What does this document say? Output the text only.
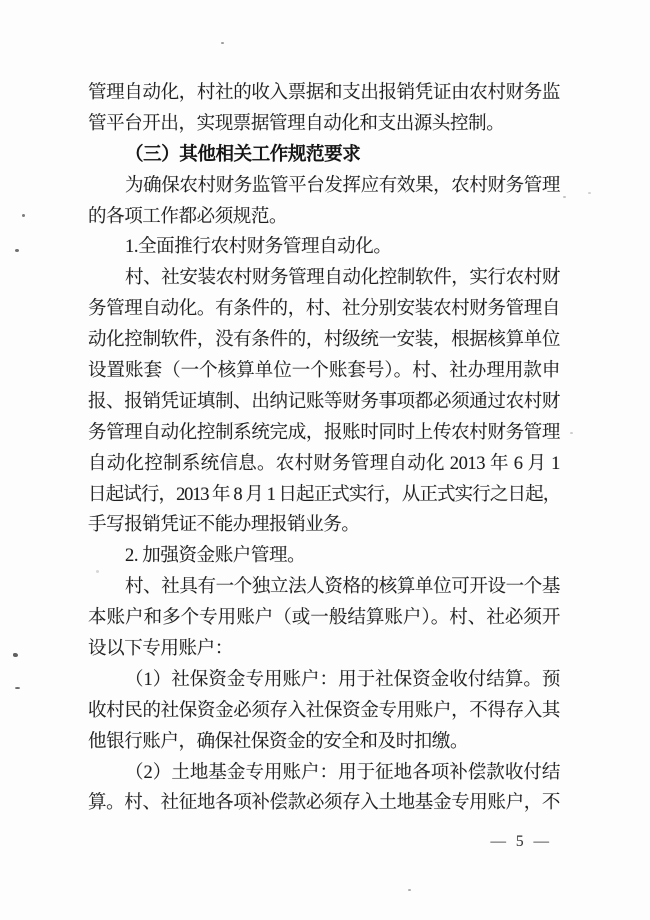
管理自动化，村社的收入票据和支出报销凭证由农村财务监
管平台开出，实现票据管理自动化和支出源头控制。
（三）其他相关工作规范要求
为确保农村财务监管平台发挥应有效果，农村财务管理
的各项工作都必须规范。
1.全面推行农村财务管理自动化。
村、社安装农村财务管理自动化控制软件，实行农村财
务管理自动化。有条件的，村、社分别安装农村财务管理自
动化控制软件，没有条件的，村级统一安装，根据核算单位
设置账套（一个核算单位一个账套号）。村、社办理用款申
报、报销凭证填制、出纳记账等财务事项都必须通过农村财
务管理自动化控制系统完成，报账时同时上传农村财务管理
自动化控制系统信息。农村财务管理自动化 2013 年 6 月 1
日起试行，2013 年 8 月 1 日起正式实行，从正式实行之日起，
手写报销凭证不能办理报销业务。
2. 加强资金账户管理。
村、社具有一个独立法人资格的核算单位可开设一个基
本账户和多个专用账户（或一般结算账户）。村、社必须开
设以下专用账户：
（1）社保资金专用账户：用于社保资金收付结算。预
收村民的社保资金必须存入社保资金专用账户，不得存入其
他银行账户，确保社保资金的安全和及时扣缴。
（2）土地基金专用账户：用于征地各项补偿款收付结
算。村、社征地各项补偿款必须存入土地基金专用账户，不
— 5 —
